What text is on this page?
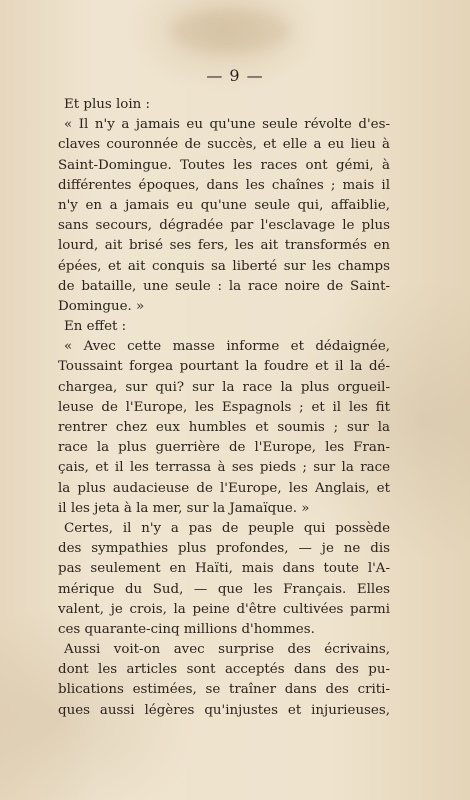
— 9 —
Et plus loin :
« Il n'y a jamais eu qu'une seule révolte d'es-
claves couronnée de succès, et elle a eu lieu à
Saint-Domingue. Toutes les races ont gémi, à
différentes époques, dans les chaînes ; mais il
n'y en a jamais eu qu'une seule qui, affaiblie,
sans secours, dégradée par l'esclavage le plus
lourd, ait brisé ses fers, les ait transformés en
épées, et ait conquis sa liberté sur les champs
de bataille, une seule : la race noire de Saint-
Domingue. »
En effet :
« Avec cette masse informe et dédaignée,
Toussaint forgea pourtant la foudre et il la dé-
chargea, sur qui? sur la race la plus orgueil-
leuse de l'Europe, les Espagnols ; et il les fit
rentrer chez eux humbles et soumis ; sur la
race la plus guerrière de l'Europe, les Fran-
çais, et il les terrassa à ses pieds ; sur la race
la plus audacieuse de l'Europe, les Anglais, et
il les jeta à la mer, sur la Jamaïque. »
Certes, il n'y a pas de peuple qui possède
des sympathies plus profondes, — je ne dis
pas seulement en Haïti, mais dans toute l'A-
mérique du Sud, — que les Français. Elles
valent, je crois, la peine d'être cultivées parmi
ces quarante-cinq millions d'hommes.
Aussi voit-on avec surprise des écrivains,
dont les articles sont acceptés dans des pu-
blications estimées, se traîner dans des criti-
ques aussi légères qu'injustes et injurieuses,
